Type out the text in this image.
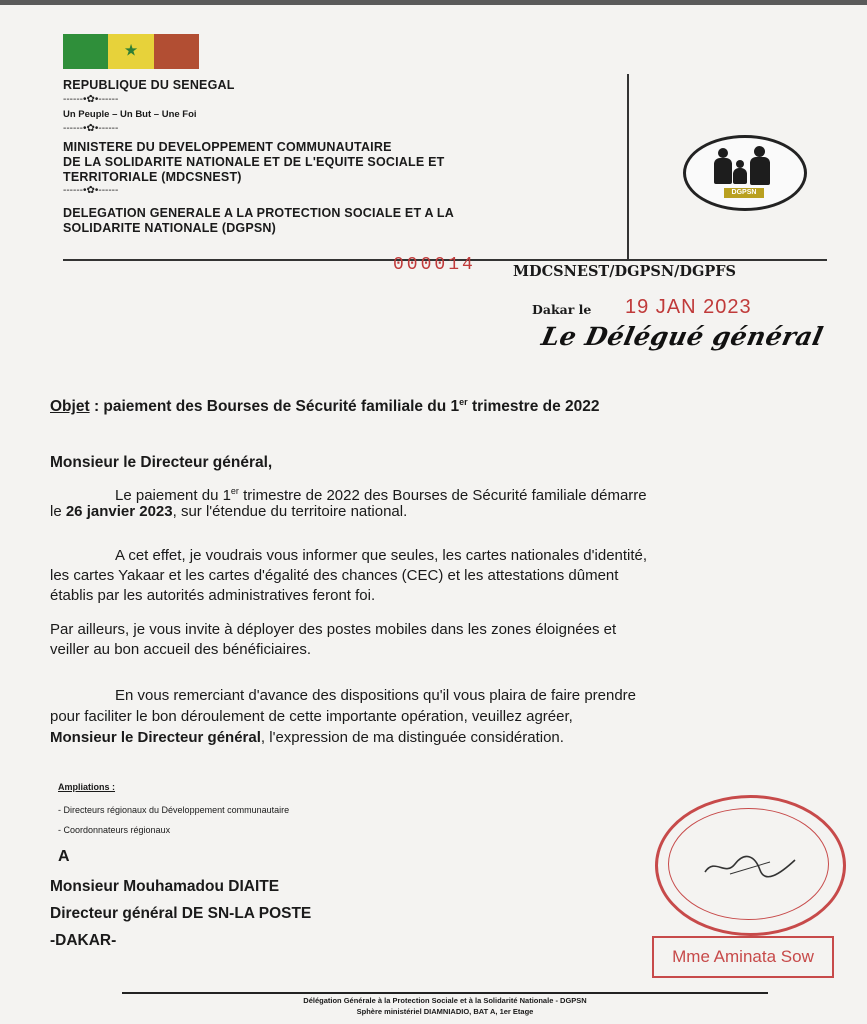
★
REPUBLIQUE DU SENEGAL
------•✿•------
Un Peuple – Un But – Une Foi
------•✿•------
MINISTERE DU DEVELOPPEMENT COMMUNAUTAIRE
DE LA SOLIDARITE NATIONALE ET DE L'EQUITE SOCIALE ET
TERRITORIALE (MDCSNEST)
------•✿•------
DELEGATION GENERALE A LA PROTECTION SOCIALE ET A LA
SOLIDARITE NATIONALE (DGPSN)
DGPSN
000014	MDCSNEST/DGPSN/DGPFS
Dakar le 19 JAN 2023
Le Délégué général
Objet : paiement des Bourses de Sécurité familiale du 1er trimestre de 2022
Monsieur le Directeur général,
Le paiement du 1er trimestre de 2022 des Bourses de Sécurité familiale démarre
le 26 janvier 2023, sur l'étendue du territoire national.
A cet effet, je voudrais vous informer que seules, les cartes nationales d'identité,
les cartes Yakaar et les cartes d'égalité des chances (CEC) et les attestations dûment
établis par les autorités administratives feront foi.
Par ailleurs, je vous invite à déployer des postes mobiles dans les zones éloignées et
veiller au bon accueil des bénéficiaires.
En vous remerciant d'avance des dispositions qu'il vous plaira de faire prendre
pour faciliter le bon déroulement de cette importante opération, veuillez agréer,
Monsieur le Directeur général, l'expression de ma distinguée considération.
Ampliations :
- Directeurs régionaux du Développement communautaire
- Coordonnateurs régionaux
A
Monsieur Mouhamadou DIAITE
Directeur général DE SN-LA POSTE
-DAKAR-
Mme Aminata Sow
Délégation Générale à la Protection Sociale et à la Solidarité Nationale - DGPSN
Sphère ministériel DIAMNIADIO, BAT A, 1er Etage
